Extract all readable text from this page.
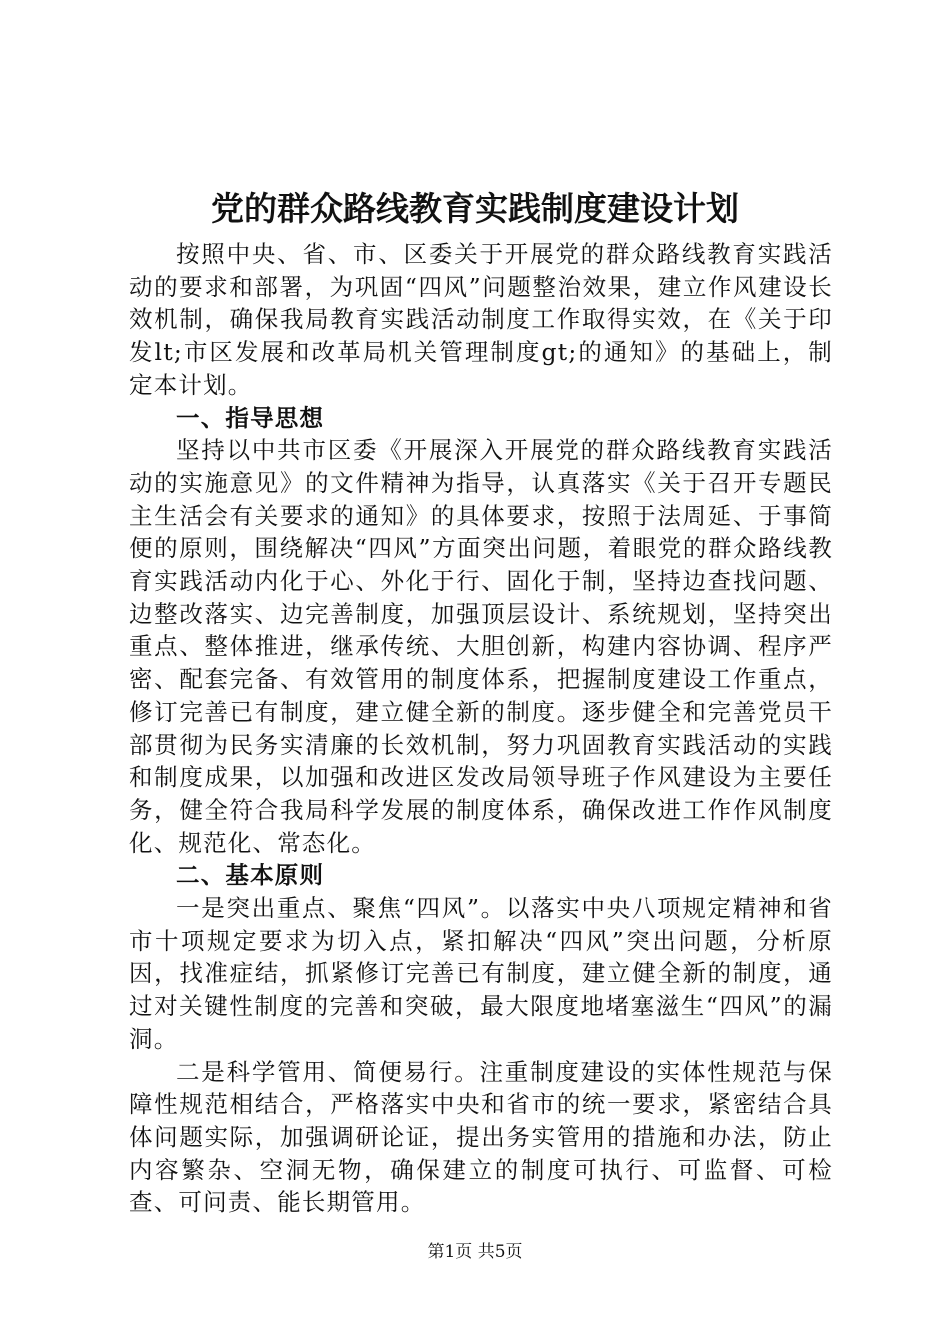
党的群众路线教育实践制度建设计划

按照中央、省、市、区委关于开展党的群众路线教育实践活动的要求和部署，为巩固“四风”问题整治效果，建立作风建设长效机制，确保我局教育实践活动制度工作取得实效，在《关于印发lt;市区发展和改革局机关管理制度gt;的通知》的基础上，制定本计划。

一、指导思想

坚持以中共市区委《开展深入开展党的群众路线教育实践活动的实施意见》的文件精神为指导，认真落实《关于召开专题民主生活会有关要求的通知》的具体要求，按照于法周延、于事简便的原则，围绕解决“四风”方面突出问题，着眼党的群众路线教育实践活动内化于心、外化于行、固化于制，坚持边查找问题、边整改落实、边完善制度，加强顶层设计、系统规划，坚持突出重点、整体推进，继承传统、大胆创新，构建内容协调、程序严密、配套完备、有效管用的制度体系，把握制度建设工作重点，修订完善已有制度，建立健全新的制度。逐步健全和完善党员干部贯彻为民务实清廉的长效机制，努力巩固教育实践活动的实践和制度成果，以加强和改进区发改局领导班子作风建设为主要任务，健全符合我局科学发展的制度体系，确保改进工作作风制度化、规范化、常态化。

二、基本原则

一是突出重点、聚焦“四风”。以落实中央八项规定精神和省市十项规定要求为切入点，紧扣解决“四风”突出问题，分析原因，找准症结，抓紧修订完善已有制度，建立健全新的制度，通过对关键性制度的完善和突破，最大限度地堵塞滋生“四风”的漏洞。

二是科学管用、简便易行。注重制度建设的实体性规范与保障性规范相结合，严格落实中央和省市的统一要求，紧密结合具体问题实际，加强调研论证，提出务实管用的措施和办法，防止内容繁杂、空洞无物，确保建立的制度可执行、可监督、可检查、可问责、能长期管用。

第1页 共5页
